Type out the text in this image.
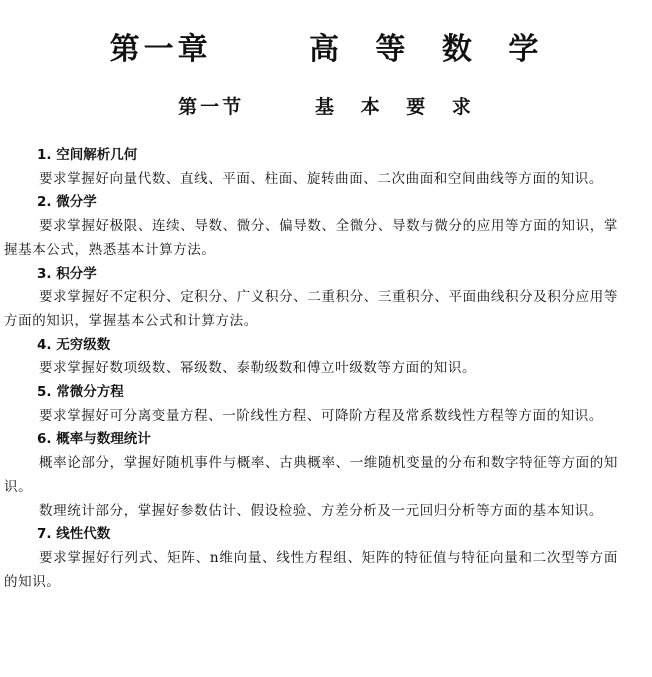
第一章   高 等 数 学
第一节   基 本 要 求
1. 空间解析几何
要求掌握好向量代数、直线、平面、柱面、旋转曲面、二次曲面和空间曲线等方面的知识。
2. 微分学
要求掌握好极限、连续、导数、微分、偏导数、全微分、导数与微分的应用等方面的知识，掌握基本公式，熟悉基本计算方法。
3. 积分学
要求掌握好不定积分、定积分、广义积分、二重积分、三重积分、平面曲线积分及积分应用等方面的知识，掌握基本公式和计算方法。
4. 无穷级数
要求掌握好数项级数、幂级数、泰勒级数和傅立叶级数等方面的知识。
5. 常微分方程
要求掌握好可分离变量方程、一阶线性方程、可降阶方程及常系数线性方程等方面的知识。
6. 概率与数理统计
概率论部分，掌握好随机事件与概率、古典概率、一维随机变量的分布和数字特征等方面的知识。
数理统计部分，掌握好参数估计、假设检验、方差分析及一元回归分析等方面的基本知识。
7. 线性代数
要求掌握好行列式、矩阵、n维向量、线性方程组、矩阵的特征值与特征向量和二次型等方面的知识。
